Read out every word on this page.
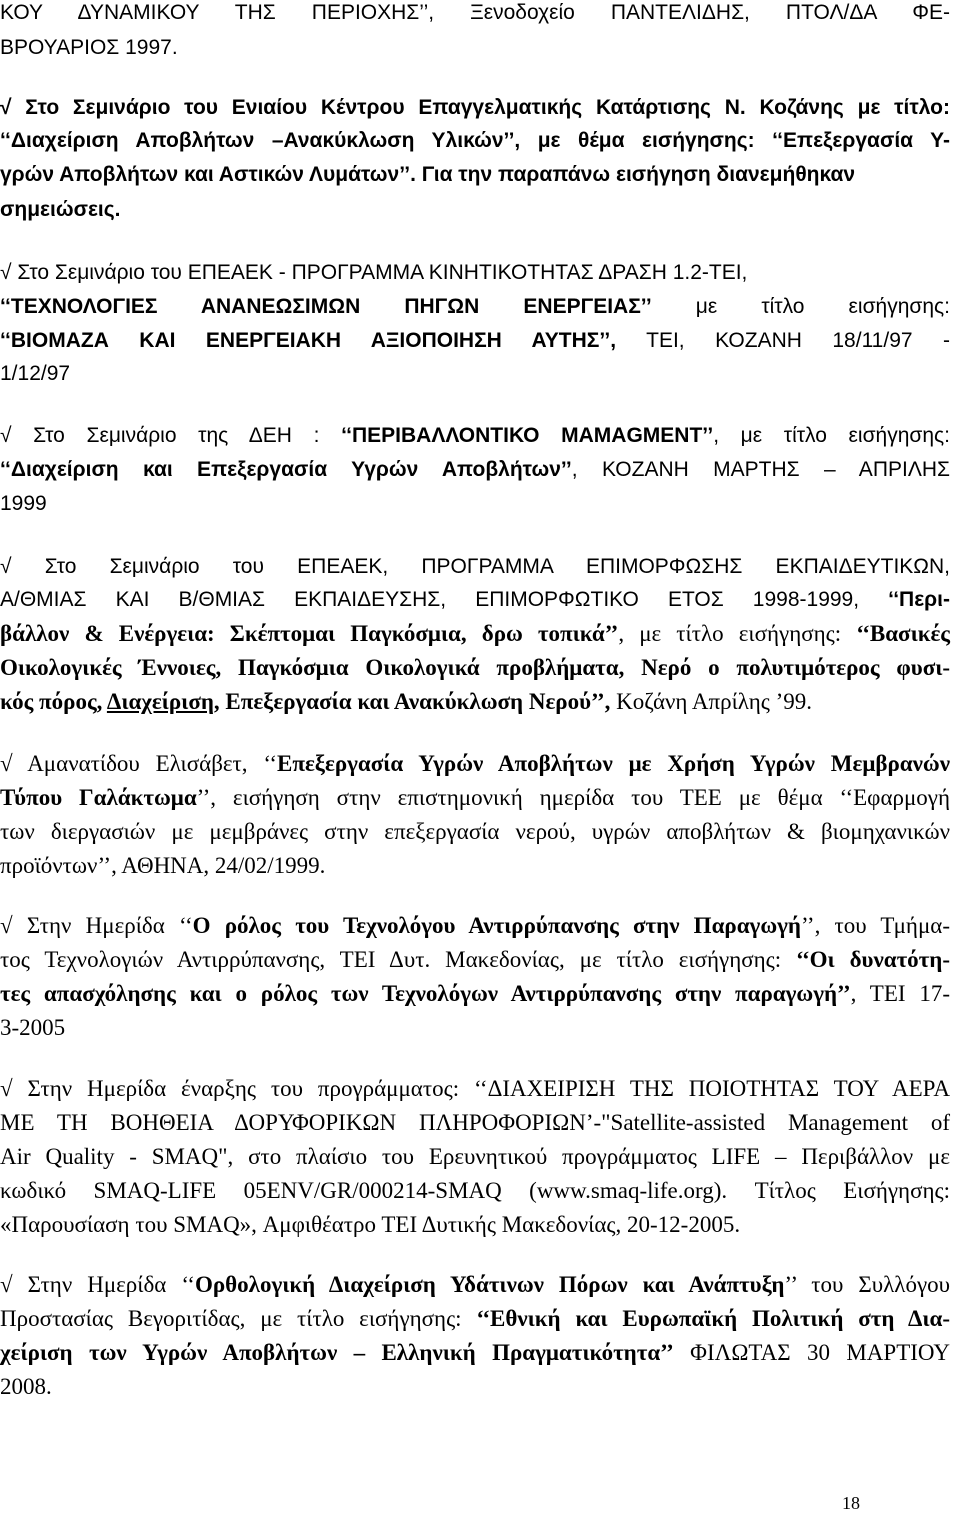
ΚΟΥ ΔΥΝΑΜΙΚΟΥ ΤΗΣ ΠΕΡΙΟΧΗΣ’’, Ξενοδοχείο ΠΑΝΤΕΛΙΔΗΣ, ΠΤΟΛ/ΔΑ ΦΕ-
ΒΡΟΥΑΡΙΟΣ 1997.
√ Στο Σεμινάριο του Ενιαίου Κέντρου Επαγγελματικής Κατάρτισης Ν. Κοζάνης με τίτλο:
‘‘Διαχείριση Αποβλήτων –Ανακύκλωση Υλικών’’, με θέμα εισήγησης: ‘‘Επεξεργασία Υ-
γρών Αποβλήτων και Αστικών Λυμάτων’’. Για την παραπάνω εισήγηση διανεμήθηκαν
σημειώσεις.
√ Στο Σεμινάριο του ΕΠΕΑΕΚ - ΠΡΟΓΡΑΜΜΑ ΚΙΝΗΤΙΚΟΤΗΤΑΣ ΔΡΑΣΗ 1.2-ΤΕΙ,
‘‘ΤΕΧΝΟΛΟΓΙΕΣ ΑΝΑΝΕΩΣΙΜΩΝ ΠΗΓΩΝ ΕΝΕΡΓΕΙΑΣ’’ με τίτλο εισήγησης:
‘‘ΒΙΟΜΑΖΑ ΚΑΙ ΕΝΕΡΓΕΙΑΚΗ ΑΞΙΟΠΟΙΗΣΗ ΑΥΤΗΣ’’, ΤΕΙ, ΚΟΖΑΝΗ 18/11/97 -
1/12/97
√ Στο Σεμινάριο της ΔΕΗ : ‘‘ΠΕΡΙΒΑΛΛΟΝΤΙΚΟ ΜΑΜAGMENT’’, με τίτλο εισήγησης:
‘‘Διαχείριση και Επεξεργασία Υγρών Αποβλήτων’’, ΚΟΖΑΝΗ ΜΑΡΤΗΣ – ΑΠΡΙΛΗΣ
1999
√ Στο Σεμινάριο του ΕΠΕΑΕΚ, ΠΡΟΓΡΑΜΜΑ ΕΠΙΜΟΡΦΩΣΗΣ ΕΚΠΑΙΔΕΥΤΙΚΩΝ,
Α/ΘΜΙΑΣ ΚΑΙ Β/ΘΜΙΑΣ ΕΚΠΑΙΔΕΥΣΗΣ, ΕΠΙΜΟΡΦΩΤΙΚΟ ΕΤΟΣ 1998-1999, ‘‘Περι-
βάλλον & Ενέργεια: Σκέπτομαι Παγκόσμια, δρω τοπικά’’, με τίτλο εισήγησης: ‘‘Βασικές
Οικολογικές Έννοιες, Παγκόσμια Οικολογικά προβλήματα, Νερό ο πολυτιμότερος φυσι-
κός πόρος, Διαχείριση, Επεξεργασία και Ανακύκλωση Νερού’’, Κοζάνη Απρίλης ’99.
√ Αμανατίδου Ελισάβετ, ‘‘Επεξεργασία Υγρών Αποβλήτων με Χρήση Υγρών Μεμβρανών
Τύπου Γαλάκτωμα’’, εισήγηση στην επιστημονική ημερίδα του ΤΕΕ με θέμα ‘‘Εφαρμογή
των διεργασιών με μεμβράνες στην επεξεργασία νερού, υγρών αποβλήτων & βιομηχανικών
προϊόντων’’, ΑΘΗΝΑ, 24/02/1999.
√ Στην Ημερίδα ‘‘Ο ρόλος του Τεχνολόγου Αντιρρύπανσης στην Παραγωγή’’, του Τμήμα-
τος Τεχνολογιών Αντιρρύπανσης, ΤΕΙ Δυτ. Μακεδονίας, με τίτλο εισήγησης: ‘‘Οι δυνατότη-
τες απασχόλησης και ο ρόλος των Τεχνολόγων Αντιρρύπανσης στην παραγωγή’’, ΤΕΙ 17-
3-2005
√ Στην Ημερίδα έναρξης του προγράμματος: ‘‘ΔΙΑΧΕΙΡΙΣΗ ΤΗΣ ΠΟΙΟΤΗΤΑΣ ΤΟΥ ΑΕΡΑ
ΜΕ ΤΗ ΒΟΗΘΕΙΑ ΔΟΡΥΦΟΡΙΚΩΝ ΠΛΗΡΟΦΟΡΙΩΝ’-"Satellite-assisted Management of
Air Quality - SMAQ", στο πλαίσιο του Ερευνητικού προγράμματος LIFE – Περιβάλλον με
κωδικό SMAQ-LIFE 05ENV/GR/000214-SMAQ (www.smaq-life.org). Τίτλος Εισήγησης:
«Παρουσίαση του SMAQ», Αμφιθέατρο ΤΕΙ Δυτικής Μακεδονίας, 20-12-2005.
√ Στην Ημερίδα ‘‘Ορθολογική Διαχείριση Υδάτινων Πόρων και Ανάπτυξη’’ του Συλλόγου
Προστασίας Βεγοριτίδας, με τίτλο εισήγησης: ‘‘Εθνική και Ευρωπαϊκή Πολιτική στη Δια-
χείριση των Υγρών Αποβλήτων – Ελληνική Πραγματικότητα’’ ΦΙΛΩΤΑΣ 30 ΜΑΡΤΙΟΥ
2008.
18
